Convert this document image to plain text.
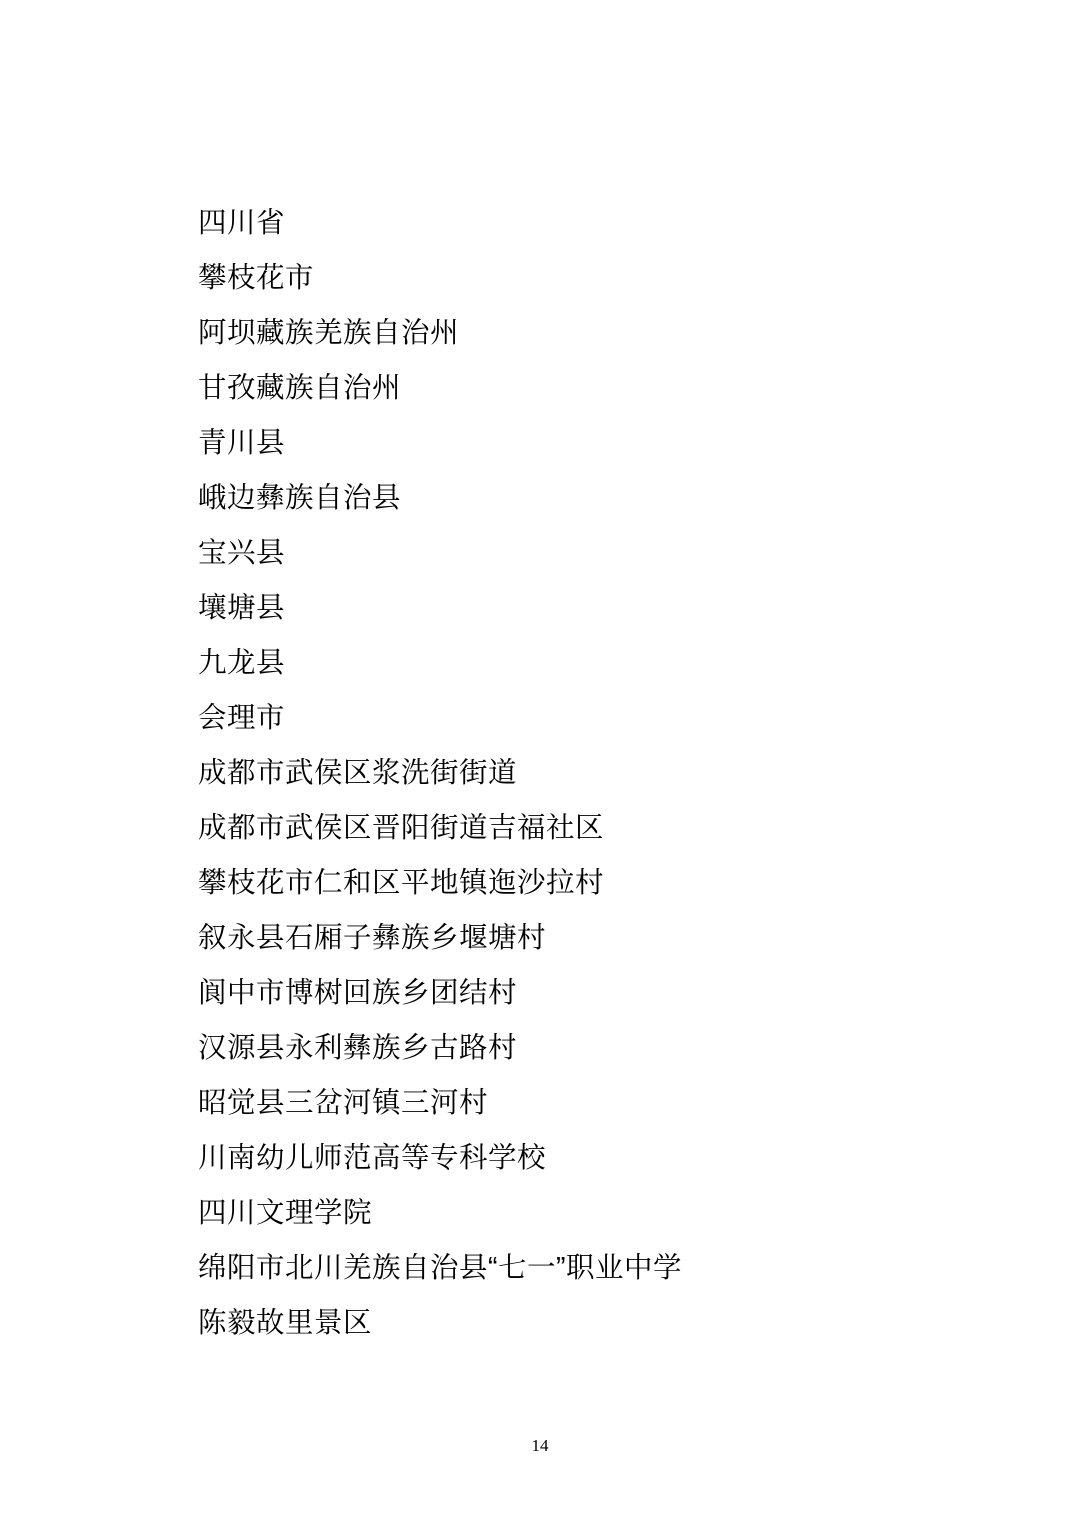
四川省
攀枝花市
阿坝藏族羌族自治州
甘孜藏族自治州
青川县
峨边彝族自治县
宝兴县
壤塘县
九龙县
会理市
成都市武侯区浆洗街街道
成都市武侯区晋阳街道吉福社区
攀枝花市仁和区平地镇迤沙拉村
叙永县石厢子彝族乡堰塘村
阆中市博树回族乡团结村
汉源县永利彝族乡古路村
昭觉县三岔河镇三河村
川南幼儿师范高等专科学校
四川文理学院
绵阳市北川羌族自治县“七一”职业中学
陈毅故里景区
14
